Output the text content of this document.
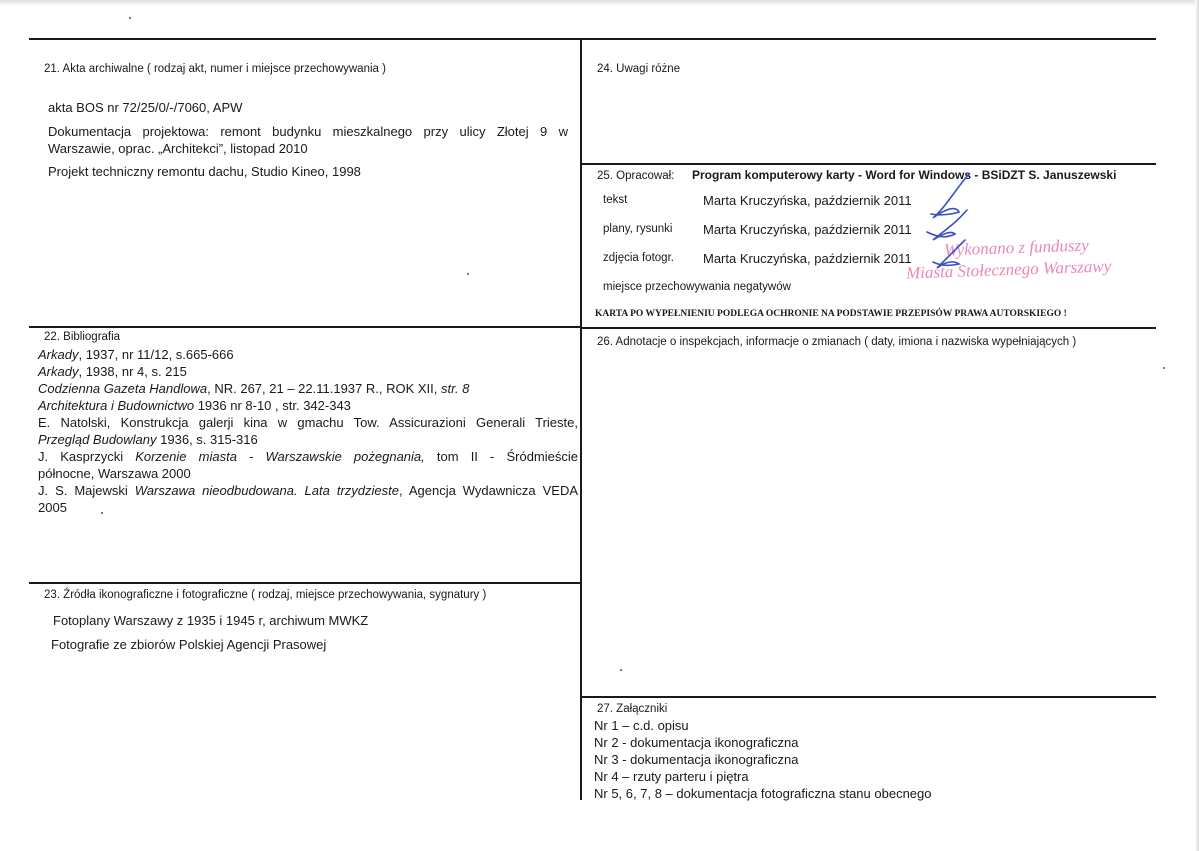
21. Akta archiwalne ( rodzaj akt, numer i miejsce przechowywania )
akta BOS nr 72/25/0/-/7060, APW
Dokumentacja projektowa: remont budynku mieszkalnego przy ulicy Złotej 9 w
Warszawie, oprac. „Architekci”, listopad 2010
Projekt techniczny remontu dachu, Studio Kineo, 1998
22. Bibliografia
Arkady, 1937, nr 11/12, s.665-666
Arkady, 1938, nr 4, s. 215
Codzienna Gazeta Handlowa, NR. 267, 21 – 22.11.1937 R., ROK XII, str. 8
Architektura i Budownictwo 1936 nr 8-10 , str. 342-343
E. Natolski, Konstrukcja galerji kina w gmachu Tow. Assicurazioni Generali Trieste,
Przegląd Budowlany 1936, s. 315-316
J. Kasprzycki Korzenie miasta - Warszawskie pożegnania, tom II - Śródmieście
północne, Warszawa 2000
J. S. Majewski Warszawa nieodbudowana. Lata trzydzieste, Agencja Wydawnicza VEDA
2005
23. Źródła ikonograficzne i fotograficzne ( rodzaj, miejsce przechowywania, sygnatury )
Fotoplany Warszawy z 1935 i 1945 r, archiwum MWKZ
Fotografie ze zbiorów Polskiej Agencji Prasowej
24. Uwagi różne
25. Opracował: Program komputerowy karty - Word for Windows - BSiDZT S. Januszewski
tekst	Marta Kruczyńska, październik 2011
plany, rysunki Marta Kruczyńska, październik 2011
zdjęcia fotogr. Marta Kruczyńska, październik 2011
miejsce przechowywania negatywów
KARTA PO WYPEŁNIENIU PODLEGA OCHRONIE NA PODSTAWIE PRZEPISÓW PRAWA AUTORSKIEGO !
Wykonano z funduszy
Miasta Stołecznego Warszawy
26. Adnotacje o inspekcjach, informacje o zmianach ( daty, imiona i nazwiska wypełniających )
27. Załączniki
Nr 1 – c.d. opisu
Nr 2 - dokumentacja ikonograficzna
Nr 3 - dokumentacja ikonograficzna
Nr 4 – rzuty parteru i piętra
Nr 5, 6, 7, 8 – dokumentacja fotograficzna stanu obecnego
